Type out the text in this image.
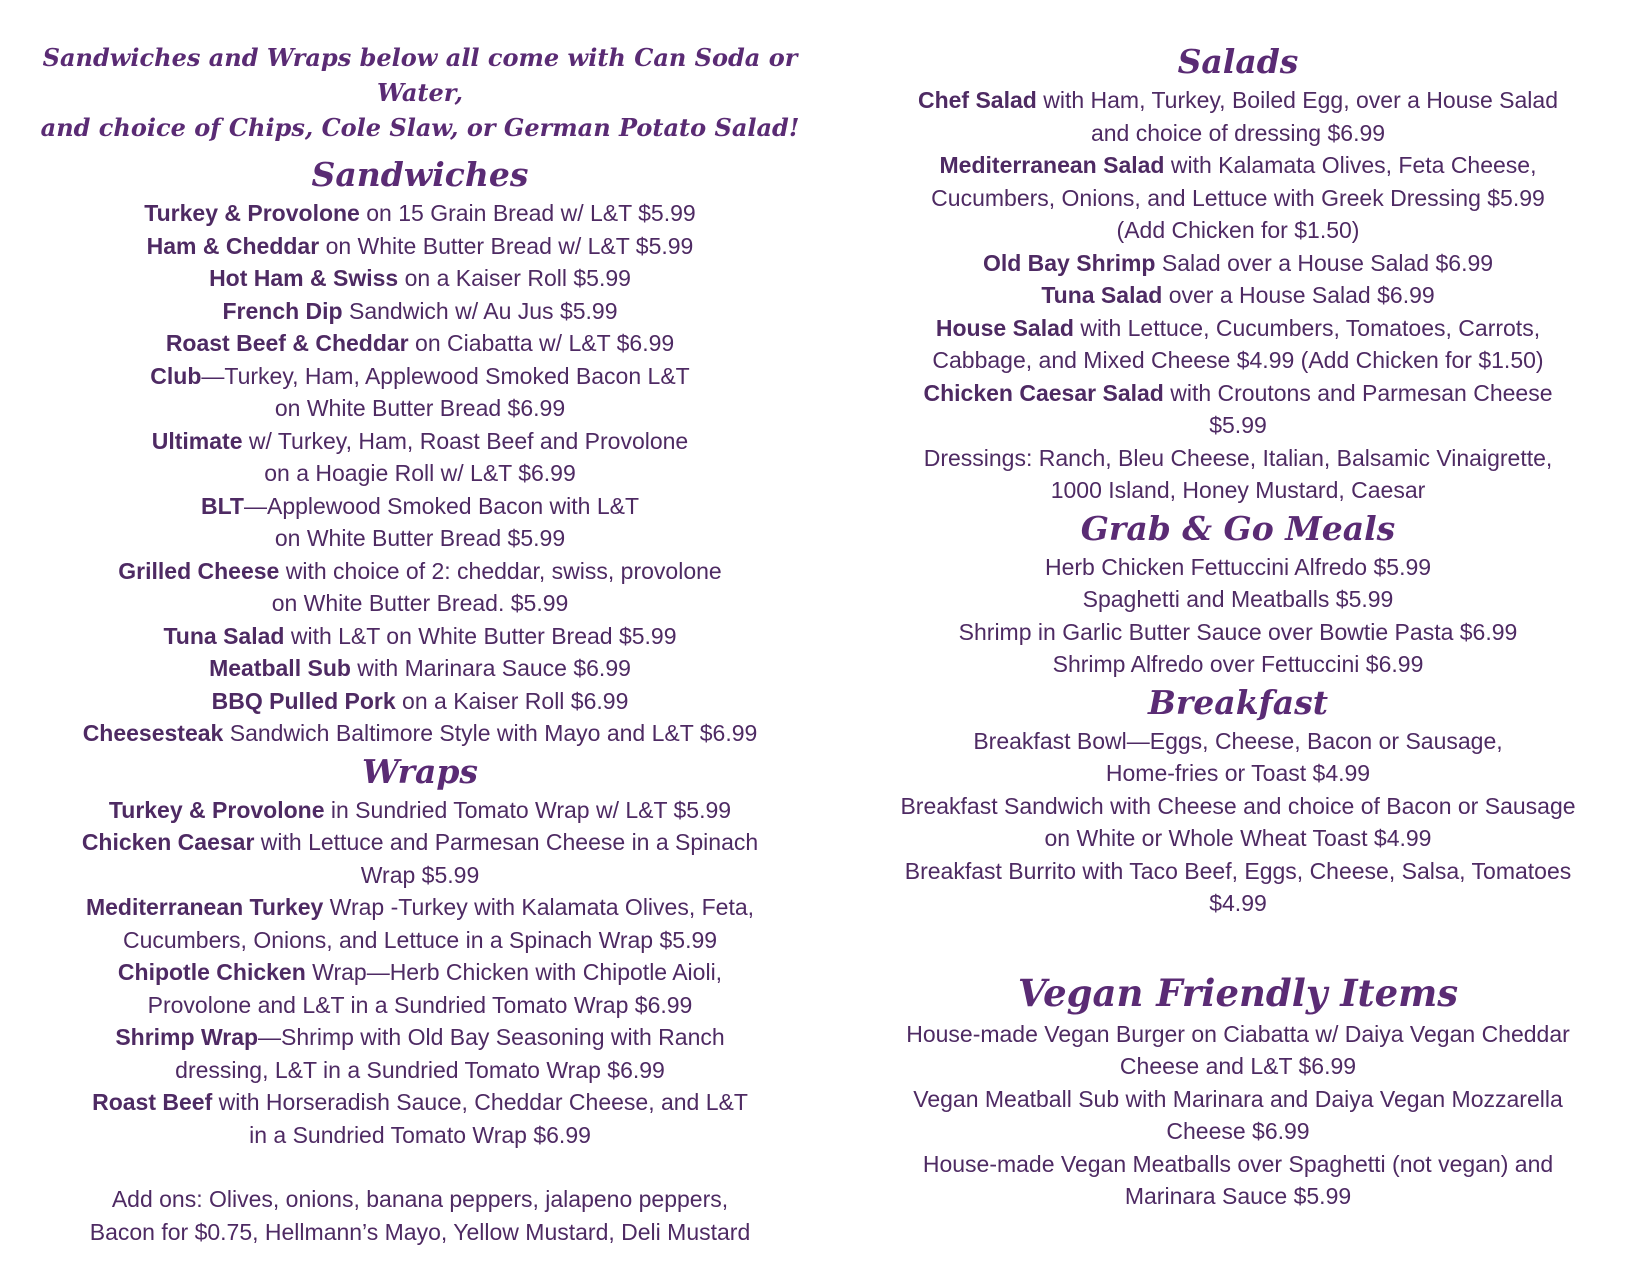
Sandwiches and Wraps below all come with Can Soda or Water,
and choice of Chips, Cole Slaw, or German Potato Salad!
Sandwiches
Turkey & Provolone on 15 Grain Bread w/ L&T $5.99
Ham & Cheddar on White Butter Bread w/ L&T $5.99
Hot Ham & Swiss on a Kaiser Roll $5.99
French Dip Sandwich w/ Au Jus $5.99
Roast Beef & Cheddar on Ciabatta w/ L&T $6.99
Club—Turkey, Ham, Applewood Smoked Bacon L&T
on White Butter Bread $6.99
Ultimate w/ Turkey, Ham, Roast Beef and Provolone
on a Hoagie Roll w/ L&T $6.99
BLT—Applewood Smoked Bacon with L&T
on White Butter Bread $5.99
Grilled Cheese with choice of 2: cheddar, swiss, provolone
on White Butter Bread. $5.99
Tuna Salad with L&T on White Butter Bread $5.99
Meatball Sub with Marinara Sauce $6.99
BBQ Pulled Pork on a Kaiser Roll $6.99
Cheesesteak Sandwich Baltimore Style with Mayo and L&T $6.99
Wraps
Turkey & Provolone in Sundried Tomato Wrap w/ L&T $5.99
Chicken Caesar with Lettuce and Parmesan Cheese in a Spinach
Wrap $5.99
Mediterranean Turkey Wrap -Turkey with Kalamata Olives, Feta,
Cucumbers, Onions, and Lettuce in a Spinach Wrap $5.99
Chipotle Chicken Wrap—Herb Chicken with Chipotle Aioli,
Provolone and L&T in a Sundried Tomato Wrap $6.99
Shrimp Wrap—Shrimp with Old Bay Seasoning with Ranch
dressing, L&T in a Sundried Tomato Wrap $6.99
Roast Beef with Horseradish Sauce, Cheddar Cheese, and L&T
in a Sundried Tomato Wrap $6.99
Add ons: Olives, onions, banana peppers, jalapeno peppers,
Bacon for $0.75, Hellmann’s Mayo, Yellow Mustard, Deli Mustard
Salads
Chef Salad with Ham, Turkey, Boiled Egg, over a House Salad
and choice of dressing $6.99
Mediterranean Salad with Kalamata Olives, Feta Cheese,
Cucumbers, Onions, and Lettuce with Greek Dressing $5.99
(Add Chicken for $1.50)
Old Bay Shrimp Salad over a House Salad $6.99
Tuna Salad over a House Salad $6.99
House Salad with Lettuce, Cucumbers, Tomatoes, Carrots,
Cabbage, and Mixed Cheese $4.99 (Add Chicken for $1.50)
Chicken Caesar Salad with Croutons and Parmesan Cheese
$5.99
Dressings: Ranch, Bleu Cheese, Italian, Balsamic Vinaigrette,
1000 Island, Honey Mustard, Caesar
Grab & Go Meals
Herb Chicken Fettuccini Alfredo $5.99
Spaghetti and Meatballs $5.99
Shrimp in Garlic Butter Sauce over Bowtie Pasta $6.99
Shrimp Alfredo over Fettuccini $6.99
Breakfast
Breakfast Bowl—Eggs, Cheese, Bacon or Sausage,
Home-fries or Toast $4.99
Breakfast Sandwich with Cheese and choice of Bacon or Sausage
on White or Whole Wheat Toast $4.99
Breakfast Burrito with Taco Beef, Eggs, Cheese, Salsa, Tomatoes
$4.99
Vegan Friendly Items
House-made Vegan Burger on Ciabatta w/ Daiya Vegan Cheddar
Cheese and L&T $6.99
Vegan Meatball Sub with Marinara and Daiya Vegan Mozzarella
Cheese $6.99
House-made Vegan Meatballs over Spaghetti (not vegan) and
Marinara Sauce $5.99
